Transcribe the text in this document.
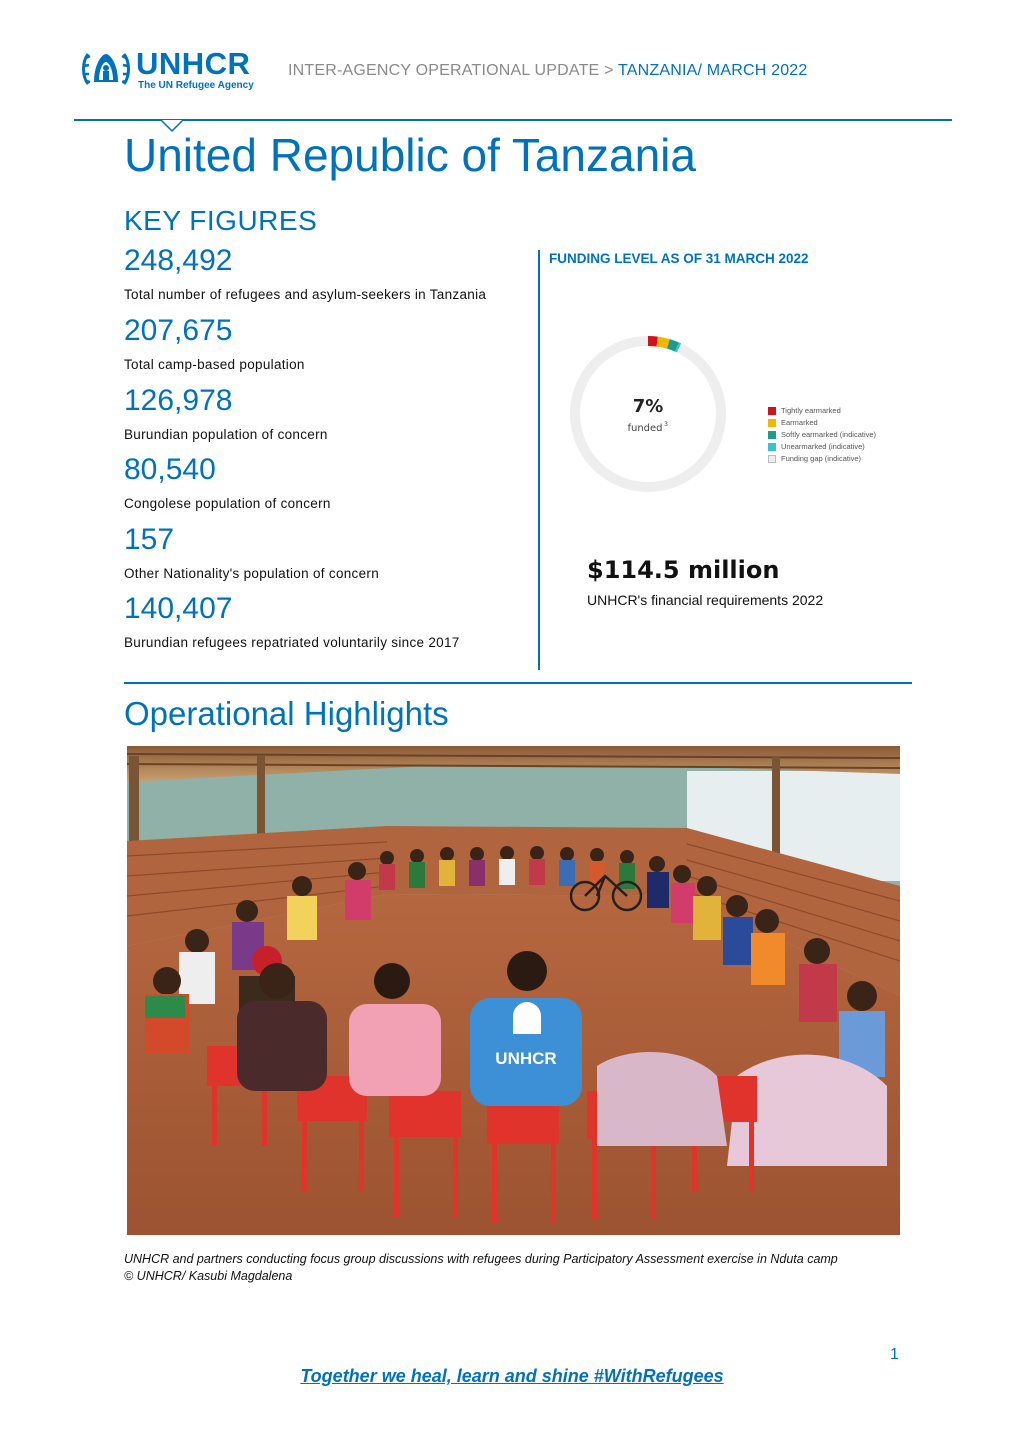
UNHCR
The UN Refugee Agency
INTER-AGENCY OPERATIONAL UPDATE > TANZANIA/ MARCH 2022
United Republic of Tanzania
KEY FIGURES
248,492
Total number of refugees and asylum-seekers in Tanzania
207,675
Total camp-based population
126,978
Burundian population of concern
80,540
Congolese population of concern
157
Other Nationality's population of concern
140,407
Burundian refugees repatriated voluntarily since 2017
FUNDING LEVEL AS OF 31 MARCH 2022
7%
funded 3
Tightly earmarked
Earmarked
Softly earmarked (indicative)
Unearmarked (indicative)
Funding gap (indicative)
$114.5 million
UNHCR's financial requirements 2022
Operational Highlights
UNHCR
UNHCR and partners conducting focus group discussions with refugees during Participatory Assessment exercise in Nduta camp
© UNHCR/ Kasubi Magdalena
1
Together we heal, learn and shine #WithRefugees
